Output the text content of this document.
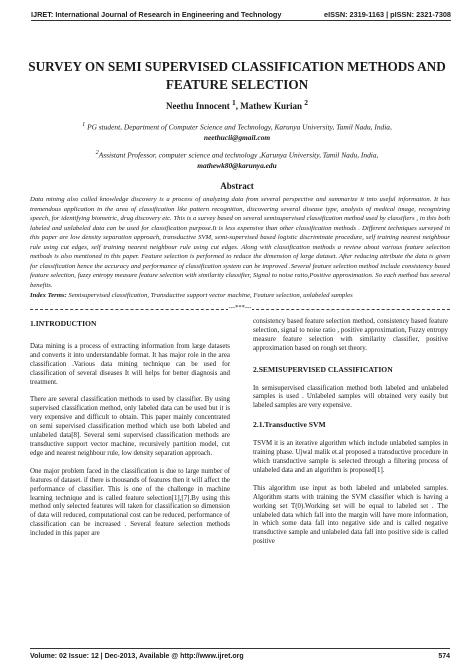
IJRET: International Journal of Research in Engineering and Technology	eISSN: 2319-1163 | pISSN: 2321-7308
SURVEY ON SEMI SUPERVISED CLASSIFICATION METHODS AND
FEATURE SELECTION
Neethu Innocent $^1$, Mathew Kurian $^2$
$^1$ PG student, Department of Computer Science and Technology, Karunya University, Tamil Nadu, India,
neethucii@gmail.com
$^2$Assistant Professor, computer science and technology ,Karunya University, Tamil Nadu, India,
mathewk80@karunya.edu
Abstract
Data mining also called knowledge discovery is a process of analyzing data from several perspective and summarize it into useful information. It has tremendous application in the area of classification like pattern recognition, discovering several disease type, analysis of medical image, recognizing speech, for identifying biometric, drug discovery etc. This is a survey based on several semisupervised classification method used by classifiers , in this both labeled and unlabeled data can be used for classification purpose.It is less expensive than other classification methods . Different techniques surveyed in this paper are low density separation approach, transductive SVM, semi-supervised based logistic discriminate procedure, self training nearest neighbour rule using cut edges, self training nearest neighbour rule using cut edges. Along with classification methods a review about various feature selection methods is also mentioned in this paper. Feature selection is performed to reduce the dimension of large dataset. After reducing attribute the data is given for classification hence the accuracy and performance of classification system can be improved .Several feature selection method include consistency based feature selection, fuzzy entropy measure feature selection with similarity classifier, Signal to noise ratio,Positive approximation. So each method has several benefits.
Index Terms: Semisupervised classification, Transductive support vector machine, Feature selection, unlabeled samples
---***---

1.INTRODUCTION

Data mining is a process of extracting information from large datasets and converts it into understandable format. It has major role in the area classification .Various data mining technique can be used for classification of several diseases It will helps for better diagnosis and treatment.

There are several classification methods to used by classifier. By using supervised classification method, only labeled data can be used but it is very expensive and difficult to obtain. This paper mainly concentrated on semi supervised classification method which use both labeled and unlabeled data[8]. Several semi supervised classification methods are transductive support vector machine, recursively partition model, cut edge and nearest neighbour rule, low density separation approach.

One major problem faced in the classification is due to large number of features of dataset. if there is thousands of features then it will affect the performance of classifier. This is one of the challenge in machine learning technique and is called feature selection[1],[7].By using this method only selected features will taken for classification so dimension of data will reduced, computational cost can be reduced, performance of classification can be increased . Several feature selection methods included in this paper are

consistency based feature selection method, consistency based feature selection, signal to noise ratio , positive approximation, Fuzzy entropy measure feature selection with similarity classifier, positive approximation based on rough set theory.

2.SEMISUPERVISED CLASSIFICATION

In semisupervised classification method both labeled and unlabeled samples is used . Unlabeled samples will obtained very easily but labeled samples are very expensive.

2.1.Transductive SVM

TSVM it is an iterative algorithm which include unlabeled samples in training phase. Ujwal malik et.al proposed a transductive procedure in which transductive sample is selected through a filtering process of unlabeled data and an algorithm is proposed[1].

This algorithm use input as both labeled and unlabeled samples. Algorithm starts with training the SVM classifier which is having a working set T(0).Working set will be equal to labeled set . The unlabeled data which fall into the margin will have more information, in which some data fall into negative side and is called negative transductive sample and unlabeled data fall into positive side is called positive

Volume: 02 Issue: 12 | Dec-2013, Available @ http://www.ijret.org	574
